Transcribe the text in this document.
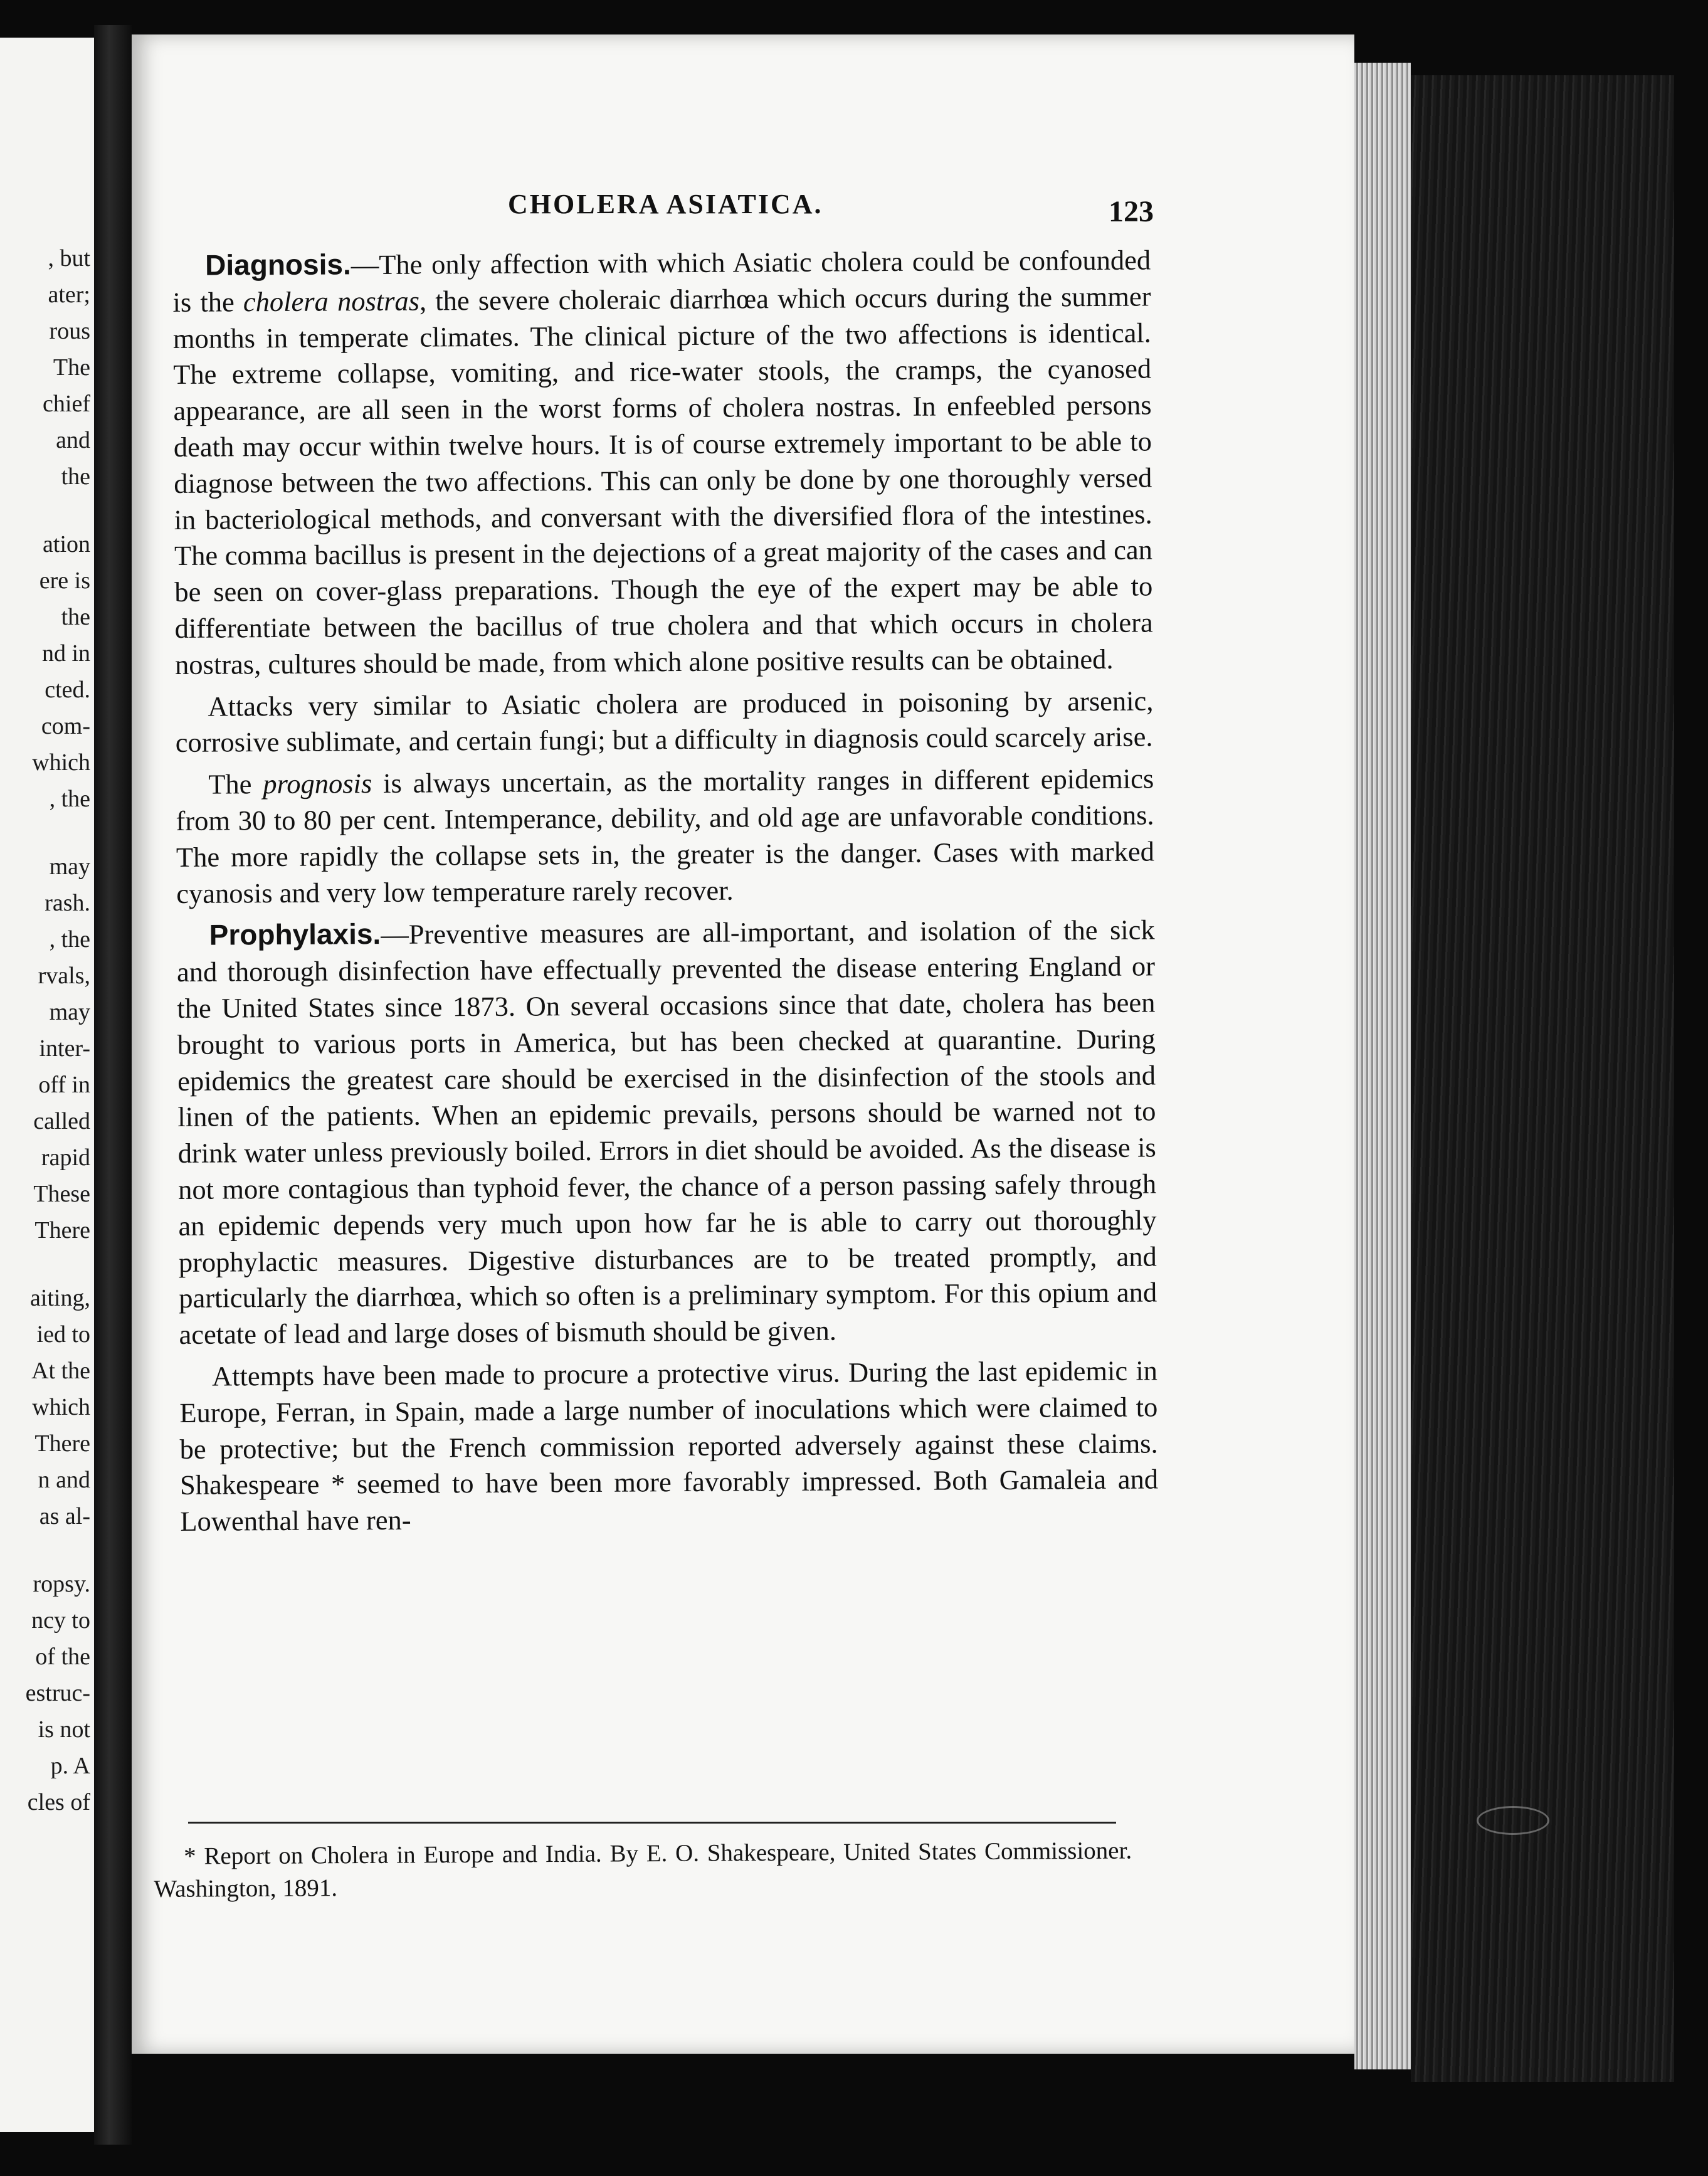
, but
ater;
rous
The
chief
and
the
ation
ere is
the
nd in
cted.
com-
which
, the
may
rash.
, the
rvals,
may
inter-
off in
called
rapid
These
There
aiting,
ied to
At the
which
There
n and
as al-
ropsy.
ncy to
of the
estruc-
is not
p. A
cles of
CHOLERA ASIATICA.	123

Diagnosis.—The only affection with which Asiatic cholera could be confounded is the cholera nostras, the severe choleraic diarrhœa which occurs during the summer months in temperate climates. The clinical picture of the two affections is identical. The extreme collapse, vomiting, and rice-water stools, the cramps, the cyanosed appearance, are all seen in the worst forms of cholera nostras. In enfeebled persons death may occur within twelve hours. It is of course extremely important to be able to diagnose between the two affections. This can only be done by one thoroughly versed in bacteriological methods, and conversant with the diversified flora of the intestines. The comma bacillus is present in the dejections of a great majority of the cases and can be seen on cover-glass preparations. Though the eye of the expert may be able to differentiate between the bacillus of true cholera and that which occurs in cholera nostras, cultures should be made, from which alone positive results can be obtained.

Attacks very similar to Asiatic cholera are produced in poisoning by arsenic, corrosive sublimate, and certain fungi; but a difficulty in diagnosis could scarcely arise.

The prognosis is always uncertain, as the mortality ranges in different epidemics from 30 to 80 per cent. Intemperance, debility, and old age are unfavorable conditions. The more rapidly the collapse sets in, the greater is the danger. Cases with marked cyanosis and very low temperature rarely recover.

Prophylaxis.—Preventive measures are all-important, and isolation of the sick and thorough disinfection have effectually prevented the disease entering England or the United States since 1873. On several occasions since that date, cholera has been brought to various ports in America, but has been checked at quarantine. During epidemics the greatest care should be exercised in the disinfection of the stools and linen of the patients. When an epidemic prevails, persons should be warned not to drink water unless previously boiled. Errors in diet should be avoided. As the disease is not more contagious than typhoid fever, the chance of a person passing safely through an epidemic depends very much upon how far he is able to carry out thoroughly prophylactic measures. Digestive disturbances are to be treated promptly, and particularly the diarrhœa, which so often is a preliminary symptom. For this opium and acetate of lead and large doses of bismuth should be given.

Attempts have been made to procure a protective virus. During the last epidemic in Europe, Ferran, in Spain, made a large number of inoculations which were claimed to be protective; but the French commission reported adversely against these claims. Shakespeare * seemed to have been more favorably impressed. Both Gamaleia and Lowenthal have ren-

* Report on Cholera in Europe and India. By E. O. Shakespeare, United States Commissioner. Washington, 1891.
